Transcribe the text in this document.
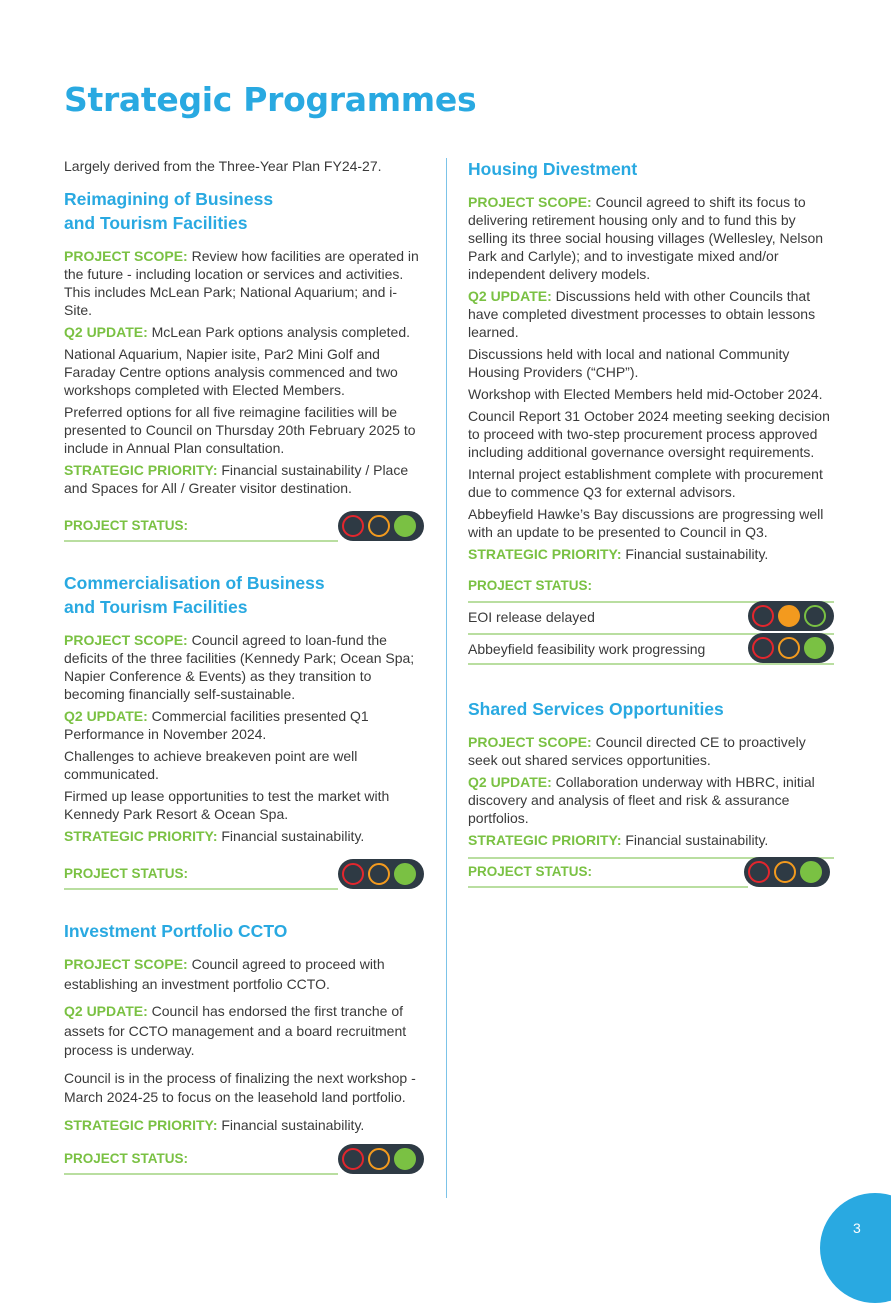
Strategic Programmes

Largely derived from the Three-Year Plan FY24-27.

Reimagining of Business
and Tourism Facilities

PROJECT SCOPE: Review how facilities are operated in the future - including location or services and activities. This includes McLean Park; National Aquarium; and i-Site.

Q2 UPDATE: McLean Park options analysis completed.

National Aquarium, Napier isite, Par2 Mini Golf and Faraday Centre options analysis commenced and two workshops completed with Elected Members.

Preferred options for all five reimagine facilities will be presented to Council on Thursday 20th February 2025 to include in Annual Plan consultation.

STRATEGIC PRIORITY: Financial sustainability / Place and Spaces for All / Greater visitor destination.

PROJECT STATUS:
Commercialisation of Business
and Tourism Facilities

PROJECT SCOPE: Council agreed to loan-fund the deficits of the three facilities (Kennedy Park; Ocean Spa; Napier Conference & Events) as they transition to becoming financially self-sustainable.

Q2 UPDATE: Commercial facilities presented Q1 Performance in November 2024.

Challenges to achieve breakeven point are well communicated.

Firmed up lease opportunities to test the market with Kennedy Park Resort & Ocean Spa.

STRATEGIC PRIORITY: Financial sustainability.

PROJECT STATUS:
Investment Portfolio CCTO

PROJECT SCOPE: Council agreed to proceed with establishing an investment portfolio CCTO.

Q2 UPDATE: Council has endorsed the first tranche of assets for CCTO management and a board recruitment process is underway.

Council is in the process of finalizing the next workshop - March 2024-25 to focus on the leasehold land portfolio.

STRATEGIC PRIORITY: Financial sustainability.

PROJECT STATUS:
Housing Divestment

PROJECT SCOPE: Council agreed to shift its focus to delivering retirement housing only and to fund this by selling its three social housing villages (Wellesley, Nelson Park and Carlyle); and to investigate mixed and/or independent delivery models.

Q2 UPDATE: Discussions held with other Councils that have completed divestment processes to obtain lessons learned.

Discussions held with local and national Community Housing Providers (“CHP”).

Workshop with Elected Members held mid-October 2024.

Council Report 31 October 2024 meeting seeking decision to proceed with two-step procurement process approved including additional governance oversight requirements.

Internal project establishment complete with procurement due to commence Q3 for external advisors.

Abbeyfield Hawke’s Bay discussions are progressing well with an update to be presented to Council in Q3.

STRATEGIC PRIORITY: Financial sustainability.

PROJECT STATUS:
EOI release delayed
Abbeyfield feasibility work progressing
Shared Services Opportunities

PROJECT SCOPE: Council directed CE to proactively seek out shared services opportunities.

Q2 UPDATE: Collaboration underway with HBRC, initial discovery and analysis of fleet and risk & assurance portfolios.

STRATEGIC PRIORITY: Financial sustainability.

PROJECT STATUS:
3
